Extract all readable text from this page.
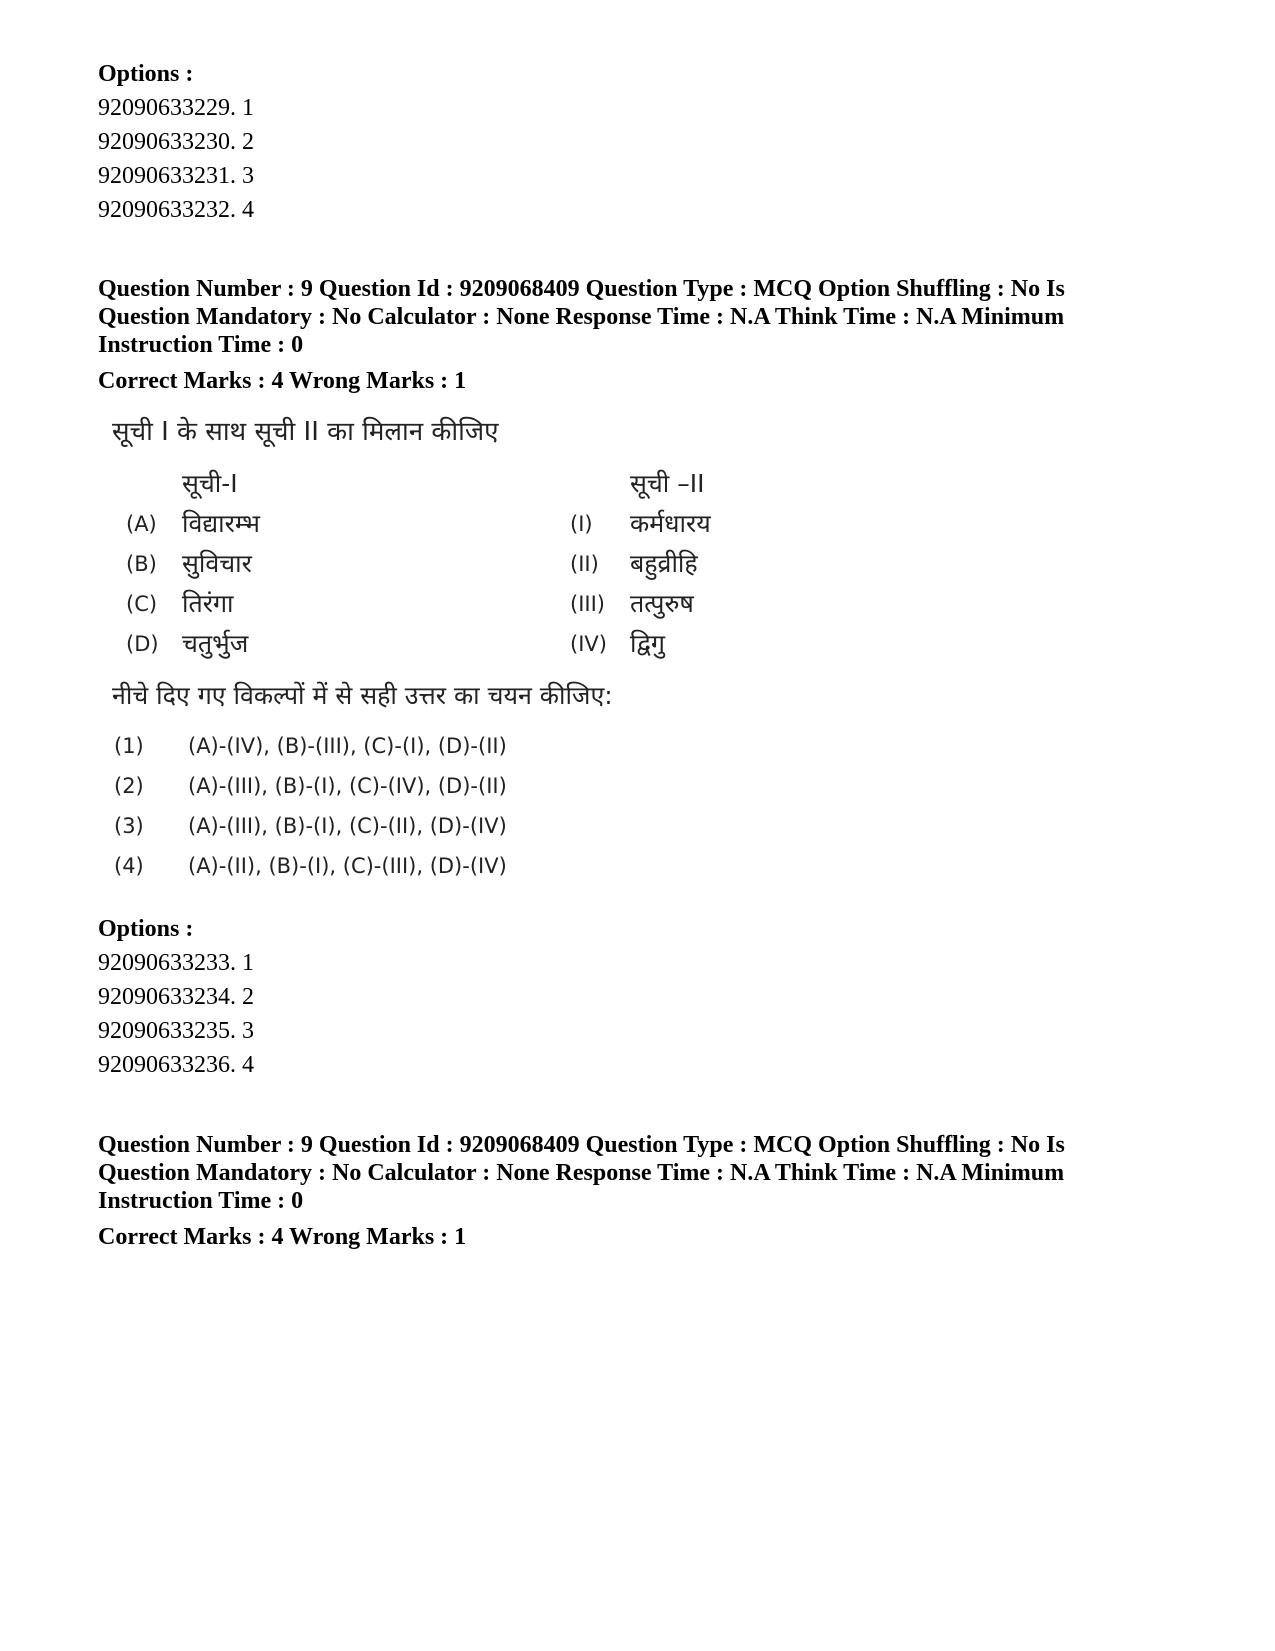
Options :
92090633229. 1
92090633230. 2
92090633231. 3
92090633232. 4
Question Number : 9 Question Id : 9209068409 Question Type : MCQ Option Shuffling : No Is
Question Mandatory : No Calculator : None Response Time : N.A Think Time : N.A Minimum
Instruction Time : 0
Correct Marks : 4 Wrong Marks : 1
सूची I के साथ सूची II का मिलान कीजिए
सूची-I	सूची –II
(A) विद्यारम्भ	(I) कर्मधारय
(B) सुविचार	(II) बहुव्रीहि
(C) तिरंगा	(III) तत्पुरुष
(D) चतुर्भुज	(IV) द्विगु
नीचे दिए गए विकल्पों में से सही उत्तर का चयन कीजिए:
(1) (A)-(IV), (B)-(III), (C)-(I), (D)-(II)
(2) (A)-(III), (B)-(I), (C)-(IV), (D)-(II)
(3) (A)-(III), (B)-(I), (C)-(II), (D)-(IV)
(4) (A)-(II), (B)-(I), (C)-(III), (D)-(IV)
Options :
92090633233. 1
92090633234. 2
92090633235. 3
92090633236. 4
Question Number : 9 Question Id : 9209068409 Question Type : MCQ Option Shuffling : No Is
Question Mandatory : No Calculator : None Response Time : N.A Think Time : N.A Minimum
Instruction Time : 0
Correct Marks : 4 Wrong Marks : 1
